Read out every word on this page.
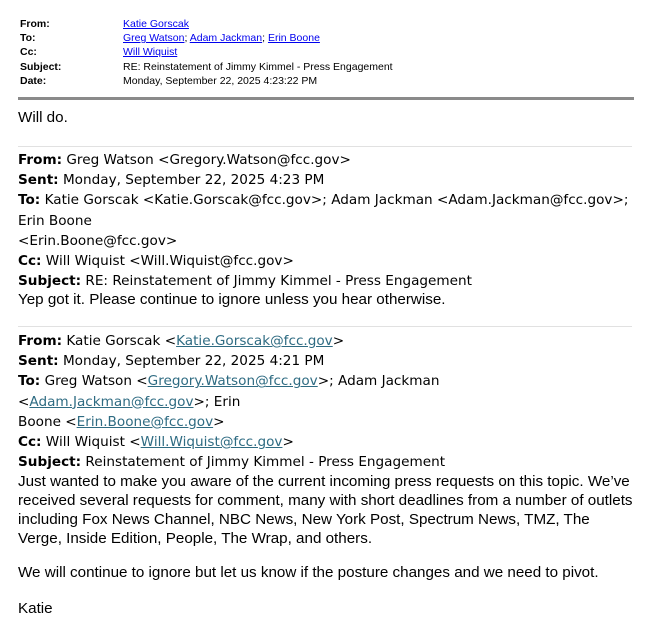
From:	Katie Gorscak
To:	Greg Watson; Adam Jackman; Erin Boone
Cc:	Will Wiquist
Subject:	RE: Reinstatement of Jimmy Kimmel - Press Engagement
Date:	Monday, September 22, 2025 4:23:22 PM
Will do.
From: Greg Watson <Gregory.Watson@fcc.gov>
Sent: Monday, September 22, 2025 4:23 PM
To: Katie Gorscak <Katie.Gorscak@fcc.gov>; Adam Jackman <Adam.Jackman@fcc.gov>; Erin Boone
<Erin.Boone@fcc.gov>
Cc: Will Wiquist <Will.Wiquist@fcc.gov>
Subject: RE: Reinstatement of Jimmy Kimmel - Press Engagement
Yep got it. Please continue to ignore unless you hear otherwise.
From: Katie Gorscak <Katie.Gorscak@fcc.gov>
Sent: Monday, September 22, 2025 4:21 PM
To: Greg Watson <Gregory.Watson@fcc.gov>; Adam Jackman <Adam.Jackman@fcc.gov>; Erin
Boone <Erin.Boone@fcc.gov>
Cc: Will Wiquist <Will.Wiquist@fcc.gov>
Subject: Reinstatement of Jimmy Kimmel - Press Engagement
Just wanted to make you aware of the current incoming press requests on this topic. We’ve
received several requests for comment, many with short deadlines from a number of outlets
including Fox News Channel, NBC News, New York Post, Spectrum News, TMZ, The
Verge, Inside Edition, People, The Wrap, and others.
We will continue to ignore but let us know if the posture changes and we need to pivot.
Katie
